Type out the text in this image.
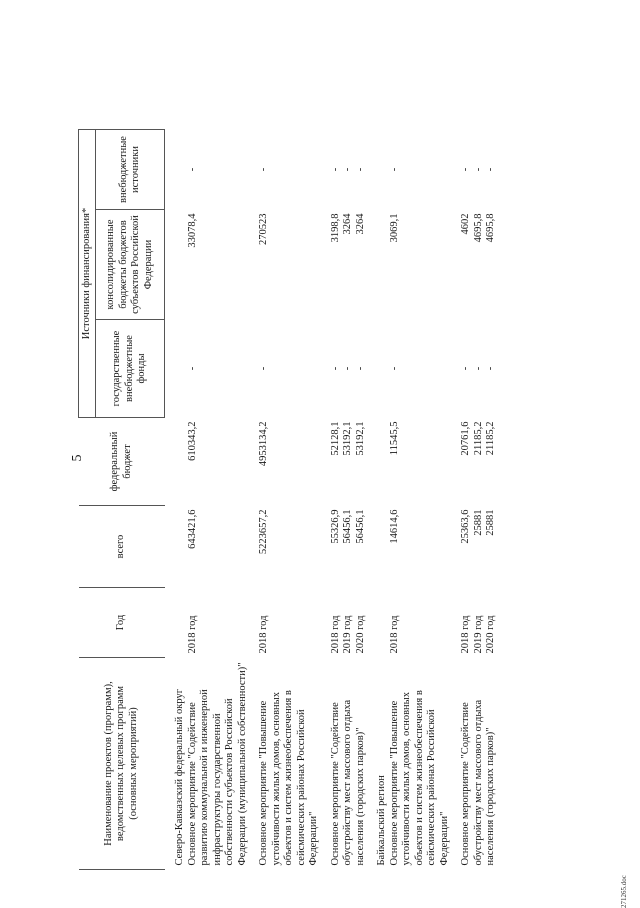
5
Наименование проектов (программ), ведомственных целевых программ (основных мероприятий)	Год	всего	федеральный бюджет	Источники финансирования*		
				государственные внебюджетные фонды	консолидированные бюджеты бюджетов субъектов Российской Федерации	внебюджетные источники

Северо-Кавказский федеральный округ						
Основное мероприятие "Содействие развитию коммунальной и инженерной инфраструктуры государственной собственности субъектов Российской Федерации (муниципальной собственности)"	2018 год	643421,6	610343,2	-	33078,4	-

Основное мероприятие "Повышение устойчивости жилых домов, основных объектов и систем жизнеобеспечения в сейсмических районах Российской Федерации"	2018 год	5223657,2	4953134,2	-	270523	-

Основное мероприятие "Содействие обустройству мест массового отдыха населения (городских парков)"	2018 год 2019 год 2020 год	55326,9 56456,1 56456,1	52128,1 53192,1 53192,1	- - -	3198,8 3264 3264	- - -

Байкальский регион						
Основное мероприятие "Повышение устойчивости жилых домов, основных объектов и систем жизнеобеспечения в сейсмических районах Российской Федерации"	2018 год	14614,6	11545,5	-	3069,1	-

Основное мероприятие "Содействие обустройству мест массового отдыха населения (городских парков)"	2018 год 2019 год 2020 год	25363,6 25881 25881	20761,6 21185,2 21185,2	- - -	4602 4695,8 4695,8	- - -

271265.doc
